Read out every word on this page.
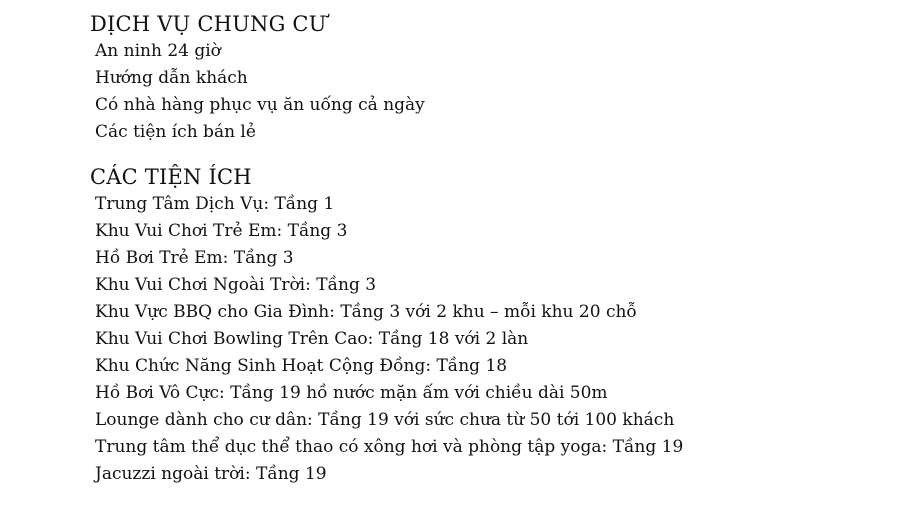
DỊCH VỤ CHUNG CƯ
An ninh 24 giờ
Hướng dẫn khách
Có nhà hàng phục vụ ăn uống cả ngày
Các tiện ích bán lẻ
CÁC TIỆN ÍCH
Trung Tâm Dịch Vụ: Tầng 1
Khu Vui Chơi Trẻ Em: Tầng 3
Hồ Bơi Trẻ Em: Tầng 3
Khu Vui Chơi Ngoài Trời: Tầng 3
Khu Vực BBQ cho Gia Đình: Tầng 3 với 2 khu – mỗi khu 20 chỗ
Khu Vui Chơi Bowling Trên Cao: Tầng 18 với 2 làn
Khu Chức Năng Sinh Hoạt Cộng Đồng: Tầng 18
Hồ Bơi Vô Cực: Tầng 19 hồ nước mặn ấm với chiều dài 50m
Lounge dành cho cư dân: Tầng 19 với sức chưa từ 50 tới 100 khách
Trung tâm thể dục thể thao có xông hơi và phòng tập yoga: Tầng 19
Jacuzzi ngoài trời: Tầng 19
